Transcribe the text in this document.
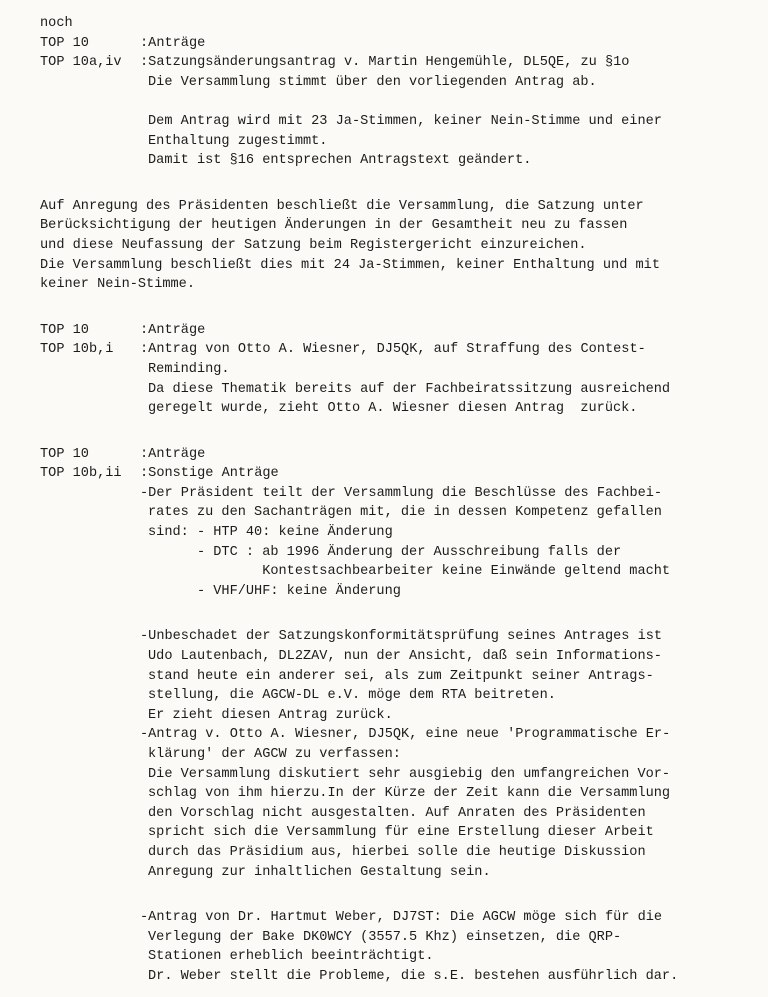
noch
TOP 10	:Anträge
TOP 10a,iv	:Satzungsänderungsantrag v. Martin Hengemühle, DL5QE, zu §1o
Die Versammlung stimmt über den vorliegenden Antrag ab.

Dem Antrag wird mit 23 Ja-Stimmen, keiner Nein-Stimme und einer
Enthaltung zugestimmt.
Damit ist §16 entsprechen Antragstext geändert.
Auf Anregung des Präsidenten beschließt die Versammlung, die Satzung unter
Berücksichtigung der heutigen Änderungen in der Gesamtheit neu zu fassen
und diese Neufassung der Satzung beim Registergericht einzureichen.
Die Versammlung beschließt dies mit 24 Ja-Stimmen, keiner Enthaltung und mit
keiner Nein-Stimme.
TOP 10	:Anträge
TOP 10b,i	:Antrag von Otto A. Wiesner, DJ5QK, auf Straffung des Contest-
Reminding.
Da diese Thematik bereits auf der Fachbeiratssitzung ausreichend
geregelt wurde, zieht Otto A. Wiesner diesen Antrag  zurück.
TOP 10	:Anträge
TOP 10b,ii	:Sonstige Anträge
-Der Präsident teilt der Versammlung die Beschlüsse des Fachbei-
rates zu den Sachanträgen mit, die in dessen Kompetenz gefallen
sind: - HTP 40: keine Änderung
- DTC : ab 1996 Änderung der Ausschreibung falls der
Kontestsachbearbeiter keine Einwände geltend macht
- VHF/UHF: keine Änderung
-Unbeschadet der Satzungskonformitätsprüfung seines Antrages ist
Udo Lautenbach, DL2ZAV, nun der Ansicht, daß sein Informations-
stand heute ein anderer sei, als zum Zeitpunkt seiner Antrags-
stellung, die AGCW-DL e.V. möge dem RTA beitreten.
Er zieht diesen Antrag zurück.
-Antrag v. Otto A. Wiesner, DJ5QK, eine neue 'Programmatische Er-
klärung' der AGCW zu verfassen:
Die Versammlung diskutiert sehr ausgiebig den umfangreichen Vor-
schlag von ihm hierzu.In der Kürze der Zeit kann die Versammlung
den Vorschlag nicht ausgestalten. Auf Anraten des Präsidenten
spricht sich die Versammlung für eine Erstellung dieser Arbeit
durch das Präsidium aus, hierbei solle die heutige Diskussion
Anregung zur inhaltlichen Gestaltung sein.
-Antrag von Dr. Hartmut Weber, DJ7ST: Die AGCW möge sich für die
Verlegung der Bake DK0WCY (3557.5 Khz) einsetzen, die QRP-
Stationen erheblich beeinträchtigt.
Dr. Weber stellt die Probleme, die s.E. bestehen ausführlich dar.
